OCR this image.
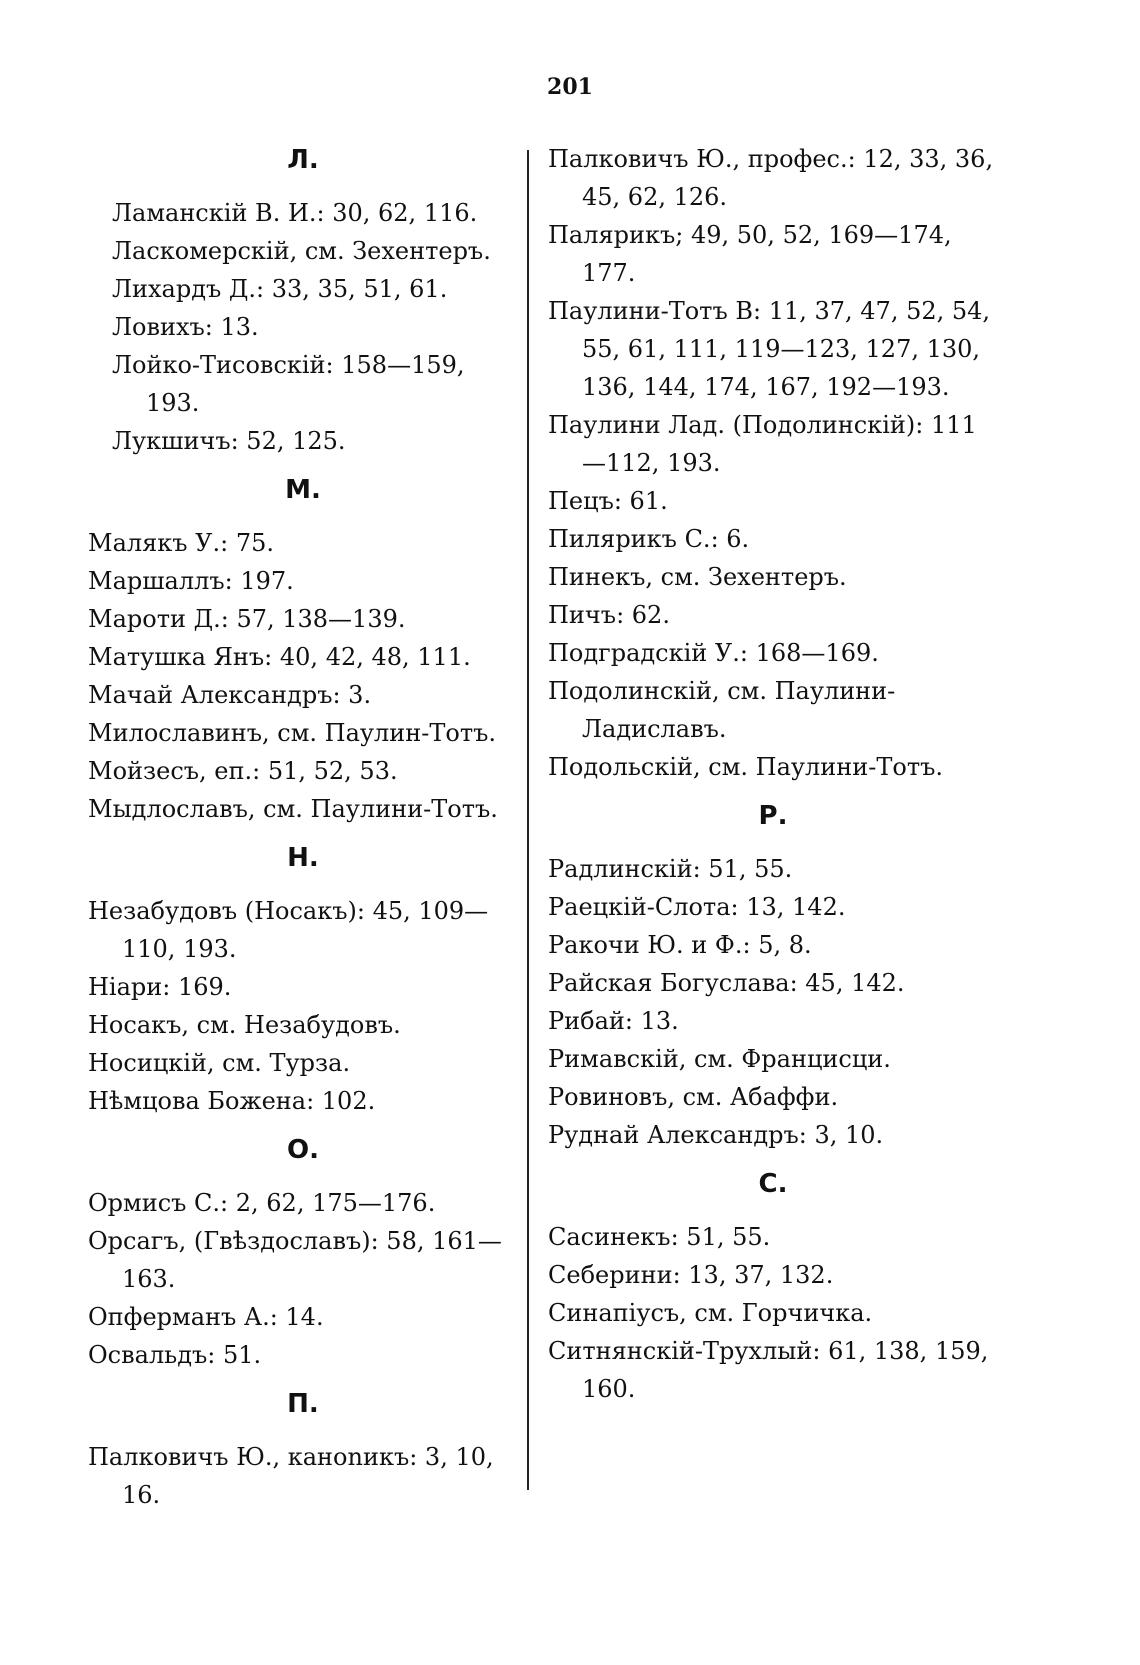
201
Л.
Ламанскій В. И.: 30, 62, 116.
Ласкомерскій, см. Зехентеръ.
Лихардъ Д.: 33, 35, 51, 61.
Ловихъ: 13.
Лойко-Тисовскій: 158—159, 193.
Лукшичъ: 52, 125.
М.
Малякъ У.: 75.
Маршаллъ: 197.
Мароти Д.: 57, 138—139.
Матушка Янъ: 40, 42, 48, 111.
Мачай Александръ: 3.
Милославинъ, см. Паулин-Тотъ.
Мойзесъ, еп.: 51, 52, 53.
Мыдлославъ, см. Паулини-Тотъ.
Н.
Незабудовъ (Носакъ): 45, 109—110, 193.
Ніари: 169.
Носакъ, см. Незабудовъ.
Носицкій, см. Турза.
Нѣмцова Божена: 102.
О.
Ормисъ С.: 2, 62, 175—176.
Орсагъ, (Гвѣздославъ): 58, 161—163.
Опферманъ А.: 14.
Освальдъ: 51.
П.
Палковичъ Ю., канonикъ: 3, 10, 16.
Палковичъ Ю., профес.: 12, 33, 36, 45, 62, 126.
Палярикъ; 49, 50, 52, 169—174, 177.
Паулини-Тотъ В: 11, 37, 47, 52, 54, 55, 61, 111, 119—123, 127, 130, 136, 144, 174, 167, 192—193.
Паулини Лад. (Подолинскій): 111—112, 193.
Пецъ: 61.
Пилярикъ С.: 6.
Пинекъ, см. Зехентеръ.
Пичъ: 62.
Подградскій У.: 168—169.
Подолинскій, см. Паулини-Ладиславъ.
Подольскій, см. Паулини-Тотъ.
Р.
Радлинскій: 51, 55.
Раецкій-Слота: 13, 142.
Ракочи Ю. и Ф.: 5, 8.
Райская Богуслава: 45, 142.
Рибай: 13.
Римавскій, см. Францисци.
Ровиновъ, см. Абаффи.
Руднай Александръ: 3, 10.
С.
Сасинекъ: 51, 55.
Себерини: 13, 37, 132.
Синапіусъ, см. Горчичка.
Ситнянскій-Трухлый: 61, 138, 159, 160.
